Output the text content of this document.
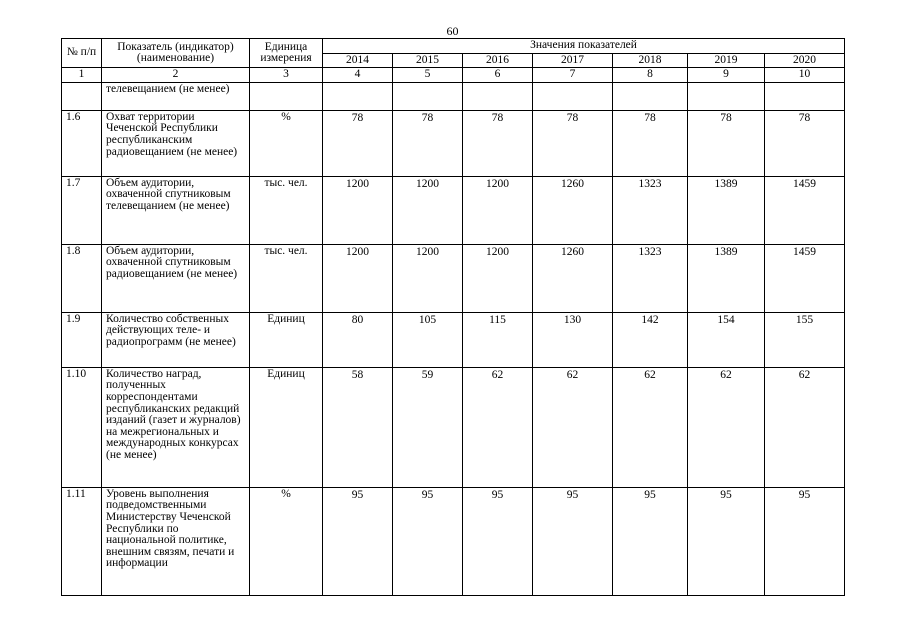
60
№ п/п	Показатель (индикатор) (наименование)	Единица измерения	Значения показателей						
			2014	2015	2016	2017	2018	2019	2020
1	2	3	4	5	6	7	8	9	10
	телевещанием (не менее)								
1.6	Охват территории Чеченской Республики республиканским радиовещанием (не менее)	%	78	78	78	78	78	78	78
1.7	Объем аудитории, охваченной спутниковым телевещанием (не менее)	тыс. чел.	1200	1200	1200	1260	1323	1389	1459
1.8	Объем аудитории, охваченной спутниковым радиовещанием (не менее)	тыс. чел.	1200	1200	1200	1260	1323	1389	1459
1.9	Количество собственных действующих теле- и радиопрограмм (не менее)	Единиц	80	105	115	130	142	154	155
1.10	Количество наград, полученных корреспондентами республиканских редакций изданий (газет и журналов) на межрегиональных и международных конкурсах (не менее)	Единиц	58	59	62	62	62	62	62
1.11	Уровень выполнения подведомственными Министерству Чеченской Республики по национальной политике, внешним связям, печати и информации	%	95	95	95	95	95	95	95
